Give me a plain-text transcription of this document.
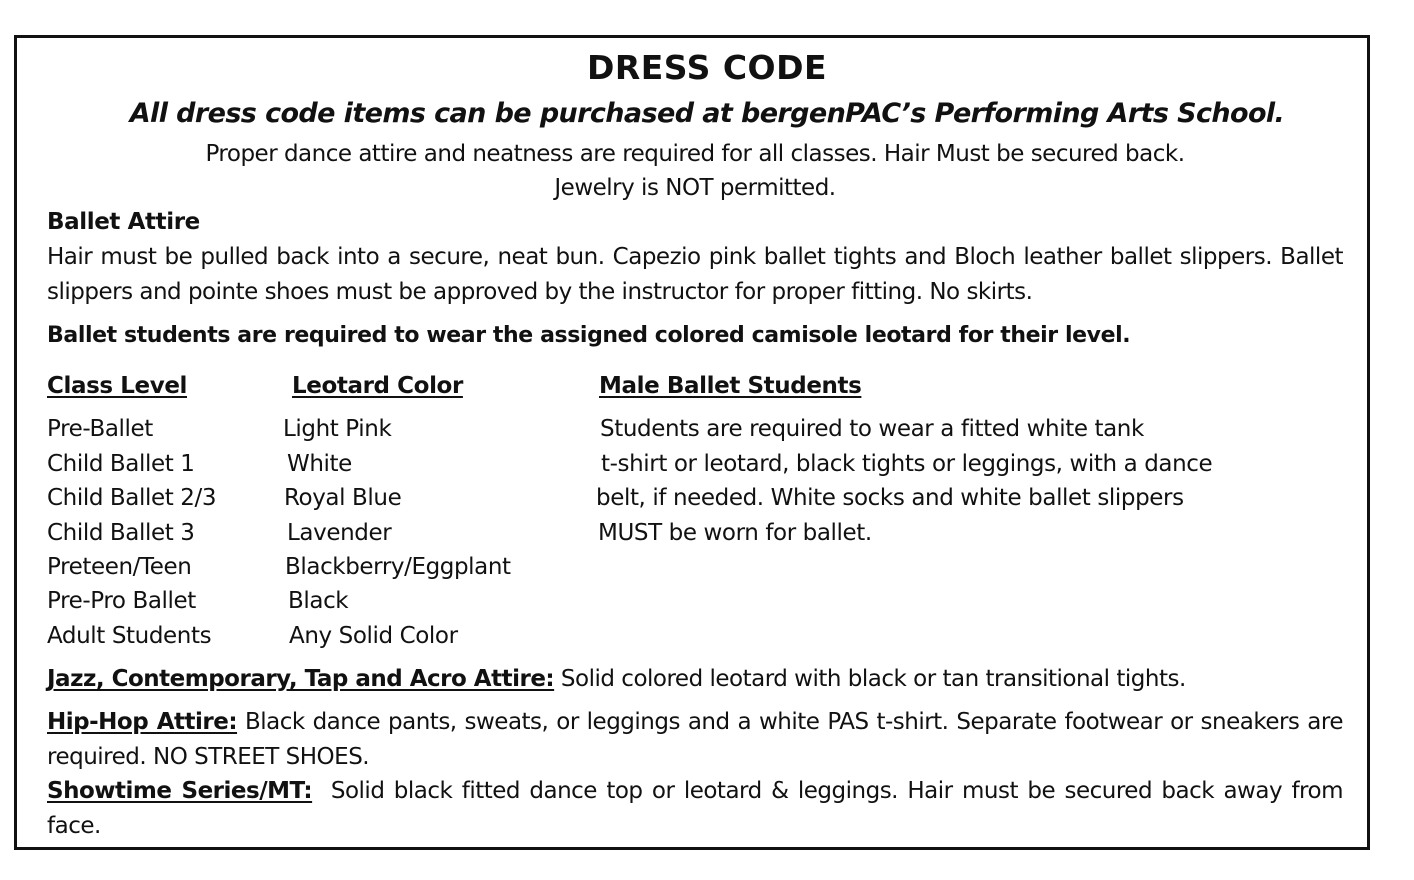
DRESS CODE
All dress code items can be purchased at bergenPAC’s Performing Arts School.
Proper dance attire and neatness are required for all classes. Hair Must be secured back.
Jewelry is NOT permitted.
Ballet Attire
Hair must be pulled back into a secure, neat bun. Capezio pink ballet tights and Bloch leather ballet slippers. Ballet slippers and pointe shoes must be approved by the instructor for proper fitting. No skirts.
Ballet students are required to wear the assigned colored camisole leotard for their level.
Class Level	Leotard Color	Male Ballet Students
Pre-Ballet	Light Pink
Child Ballet 1	White
Child Ballet 2/3	Royal Blue
Child Ballet 3	Lavender
Preteen/Teen	Blackberry/Eggplant
Pre-Pro Ballet	Black
Adult Students	Any Solid Color
Students are required to wear a fitted white tank
t-shirt or leotard, black tights or leggings, with a dance
belt, if needed. White socks and white ballet slippers
MUST be worn for ballet.
Jazz, Contemporary, Tap and Acro Attire: Solid colored leotard with black or tan transitional tights.
Hip-Hop Attire: Black dance pants, sweats, or leggings and a white PAS t-shirt. Separate footwear or sneakers are required. NO STREET SHOES.
Showtime Series/MT:  Solid black fitted dance top or leotard & leggings. Hair must be secured back away from face.
